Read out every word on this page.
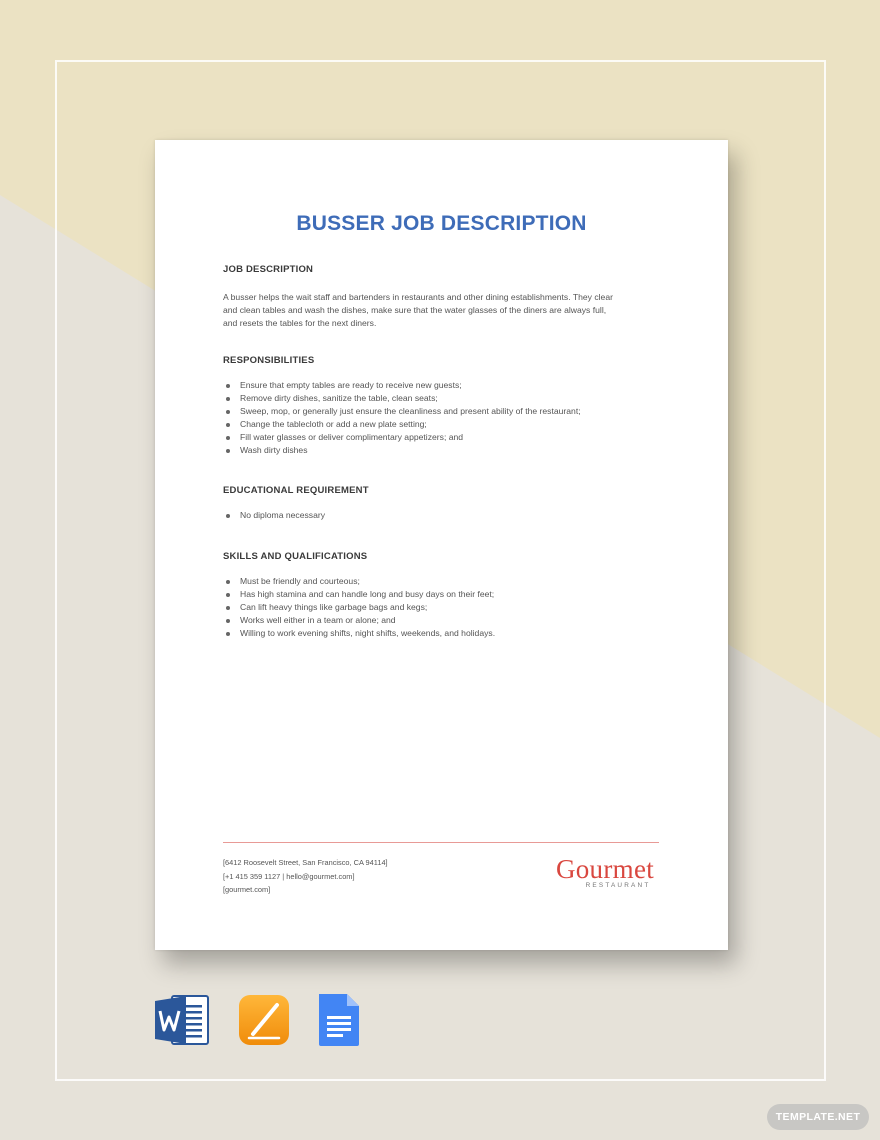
BUSSER JOB DESCRIPTION
JOB DESCRIPTION
A busser helps the wait staff and bartenders in restaurants and other dining establishments. They clear
and clean tables and wash the dishes, make sure that the water glasses of the diners are always full,
and resets the tables for the next diners.
RESPONSIBILITIES
Ensure that empty tables are ready to receive new guests;
Remove dirty dishes, sanitize the table, clean seats;
Sweep, mop, or generally just ensure the cleanliness and present ability of the restaurant;
Change the tablecloth or add a new plate setting;
Fill water glasses or deliver complimentary appetizers; and
Wash dirty dishes
EDUCATIONAL REQUIREMENT
No diploma necessary
SKILLS AND QUALIFICATIONS
Must be friendly and courteous;
Has high stamina and can handle long and busy days on their feet;
Can lift heavy things like garbage bags and kegs;
Works well either in a team or alone; and
Willing to work evening shifts, night shifts, weekends, and holidays.
[6412 Roosevelt Street, San Francisco, CA 94114]
[+1 415 359 1127 | hello@gourmet.com]
[gourmet.com]
Gourmet
RESTAURANT
TEMPLATE.NET
